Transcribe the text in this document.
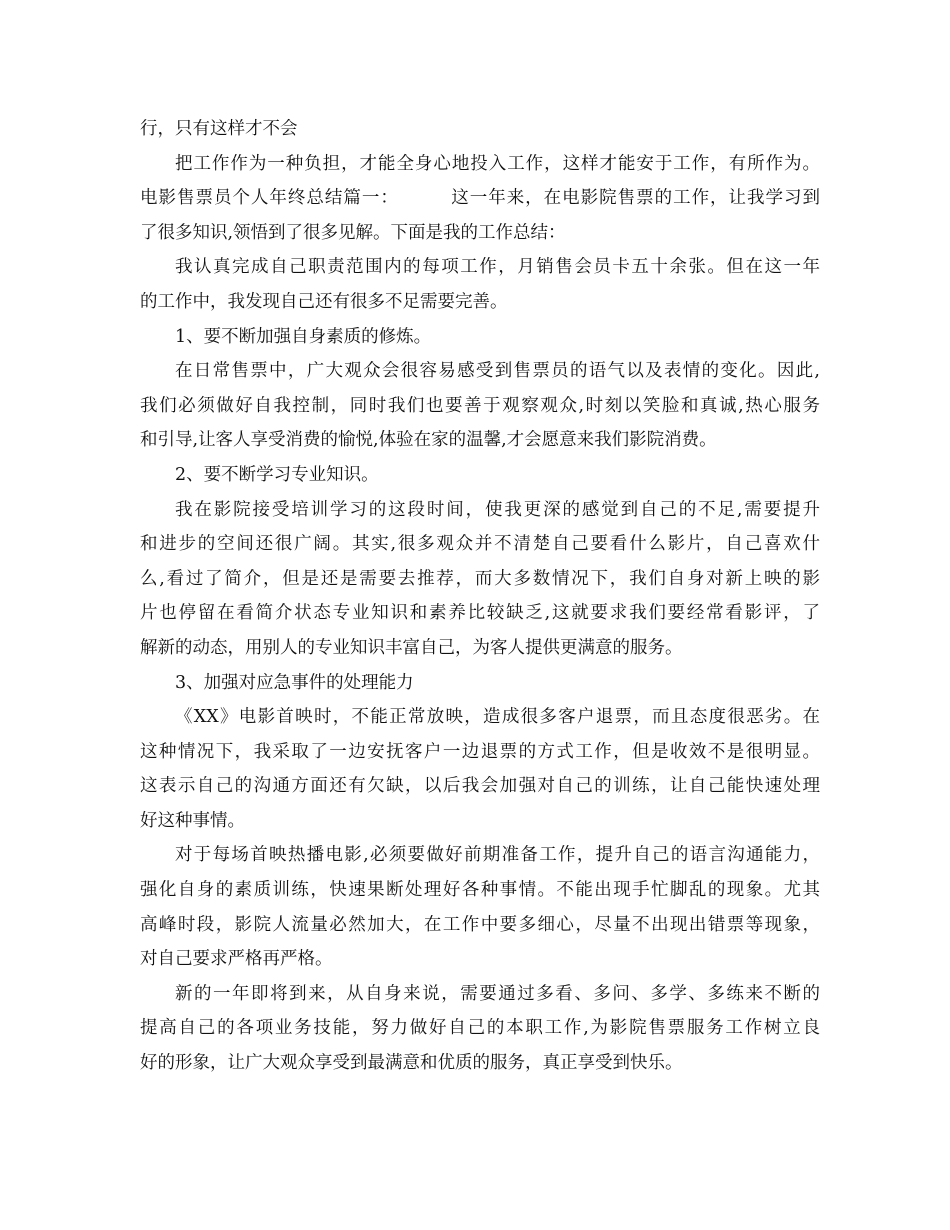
行，只有这样才不会
把工作作为一种负担，才能全身心地投入工作，这样才能安于工作，有所作为。
电影售票员个人年终总结篇一：        这一年来，在电影院售票的工作，让我学习到
了很多知识,领悟到了很多见解。下面是我的工作总结：
我认真完成自己职责范围内的每项工作，月销售会员卡五十余张。但在这一年
的工作中，我发现自己还有很多不足需要完善。
1、要不断加强自身素质的修炼。
在日常售票中，广大观众会很容易感受到售票员的语气以及表情的变化。因此,
我们必须做好自我控制，同时我们也要善于观察观众,时刻以笑脸和真诚,热心服务
和引导,让客人享受消费的愉悦,体验在家的温馨,才会愿意来我们影院消费。
2、要不断学习专业知识。
我在影院接受培训学习的这段时间，使我更深的感觉到自己的不足,需要提升
和进步的空间还很广阔。其实,很多观众并不清楚自己要看什么影片，自己喜欢什
么,看过了简介，但是还是需要去推荐，而大多数情况下，我们自身对新上映的影
片也停留在看简介状态专业知识和素养比较缺乏,这就要求我们要经常看影评，了
解新的动态，用别人的专业知识丰富自己，为客人提供更满意的服务。
3、加强对应急事件的处理能力
《XX》电影首映时，不能正常放映，造成很多客户退票，而且态度很恶劣。在
这种情况下，我采取了一边安抚客户一边退票的方式工作，但是收效不是很明显。
这表示自己的沟通方面还有欠缺，以后我会加强对自己的训练，让自己能快速处理
好这种事情。
对于每场首映热播电影,必须要做好前期准备工作，提升自己的语言沟通能力，
强化自身的素质训练，快速果断处理好各种事情。不能出现手忙脚乱的现象。尤其
高峰时段，影院人流量必然加大，在工作中要多细心，尽量不出现出错票等现象，
对自己要求严格再严格。
新的一年即将到来，从自身来说，需要通过多看、多问、多学、多练来不断的
提高自己的各项业务技能，努力做好自己的本职工作,为影院售票服务工作树立良
好的形象，让广大观众享受到最满意和优质的服务，真正享受到快乐。
